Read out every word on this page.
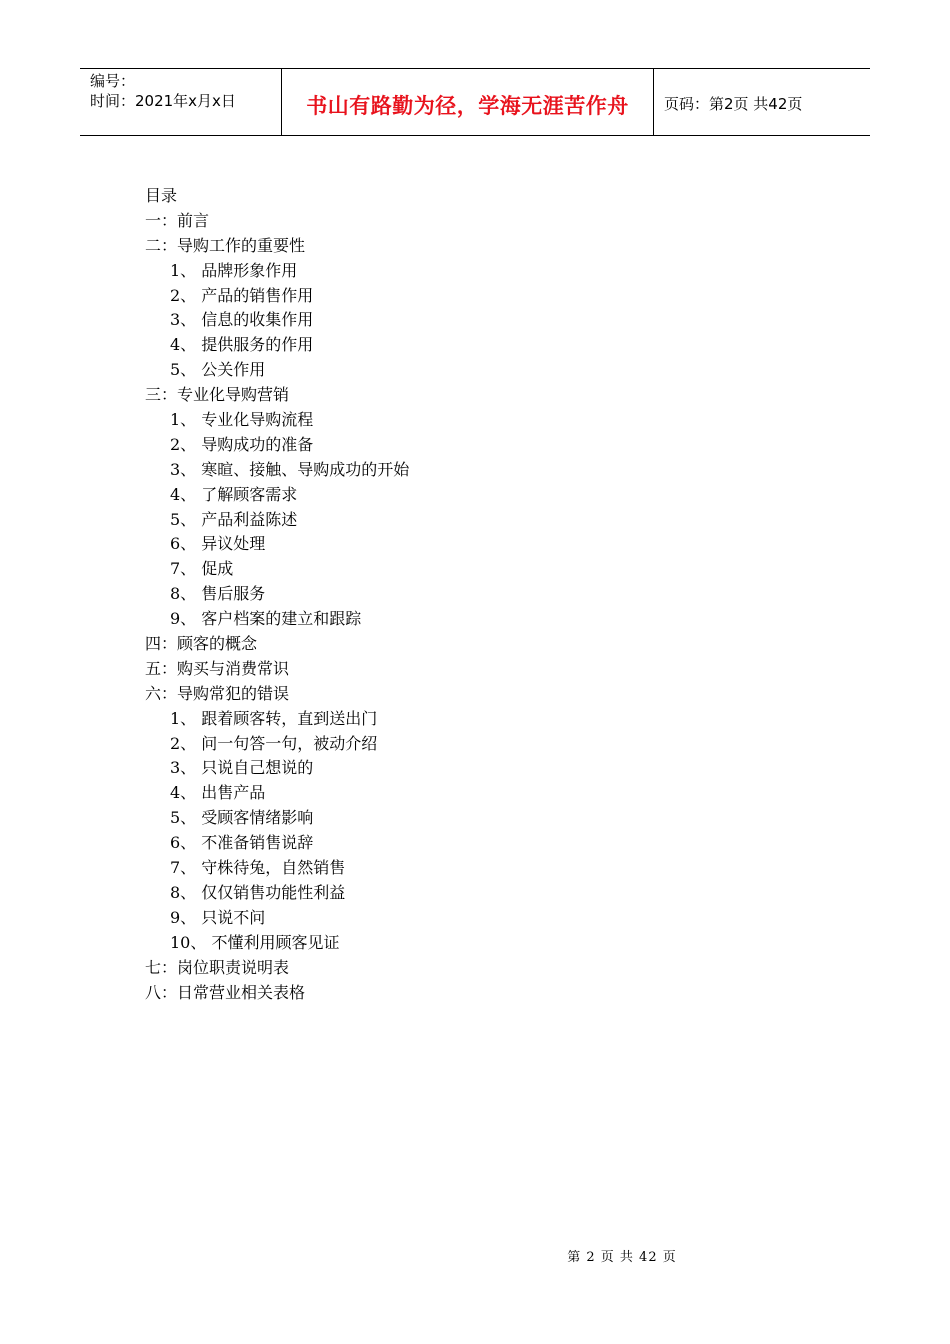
编号：
时间：2021年x月x日	书山有路勤为径，学海无涯苦作舟 页码：第2页 共42页
目录
一：前言
二：导购工作的重要性
1、 品牌形象作用
2、 产品的销售作用
3、 信息的收集作用
4、 提供服务的作用
5、 公关作用
三：专业化导购营销
1、 专业化导购流程
2、 导购成功的准备
3、 寒暄、接触、导购成功的开始
4、 了解顾客需求
5、 产品利益陈述
6、 异议处理
7、 促成
8、 售后服务
9、 客户档案的建立和跟踪
四：顾客的概念
五：购买与消费常识
六：导购常犯的错误
1、 跟着顾客转，直到送出门
2、 问一句答一句，被动介绍
3、 只说自己想说的
4、 出售产品
5、 受顾客情绪影响
6、 不准备销售说辞
7、 守株待兔，自然销售
8、 仅仅销售功能性利益
9、 只说不问
10、 不懂利用顾客见证
七：岗位职责说明表
八：日常营业相关表格
第 2 页 共 42 页
